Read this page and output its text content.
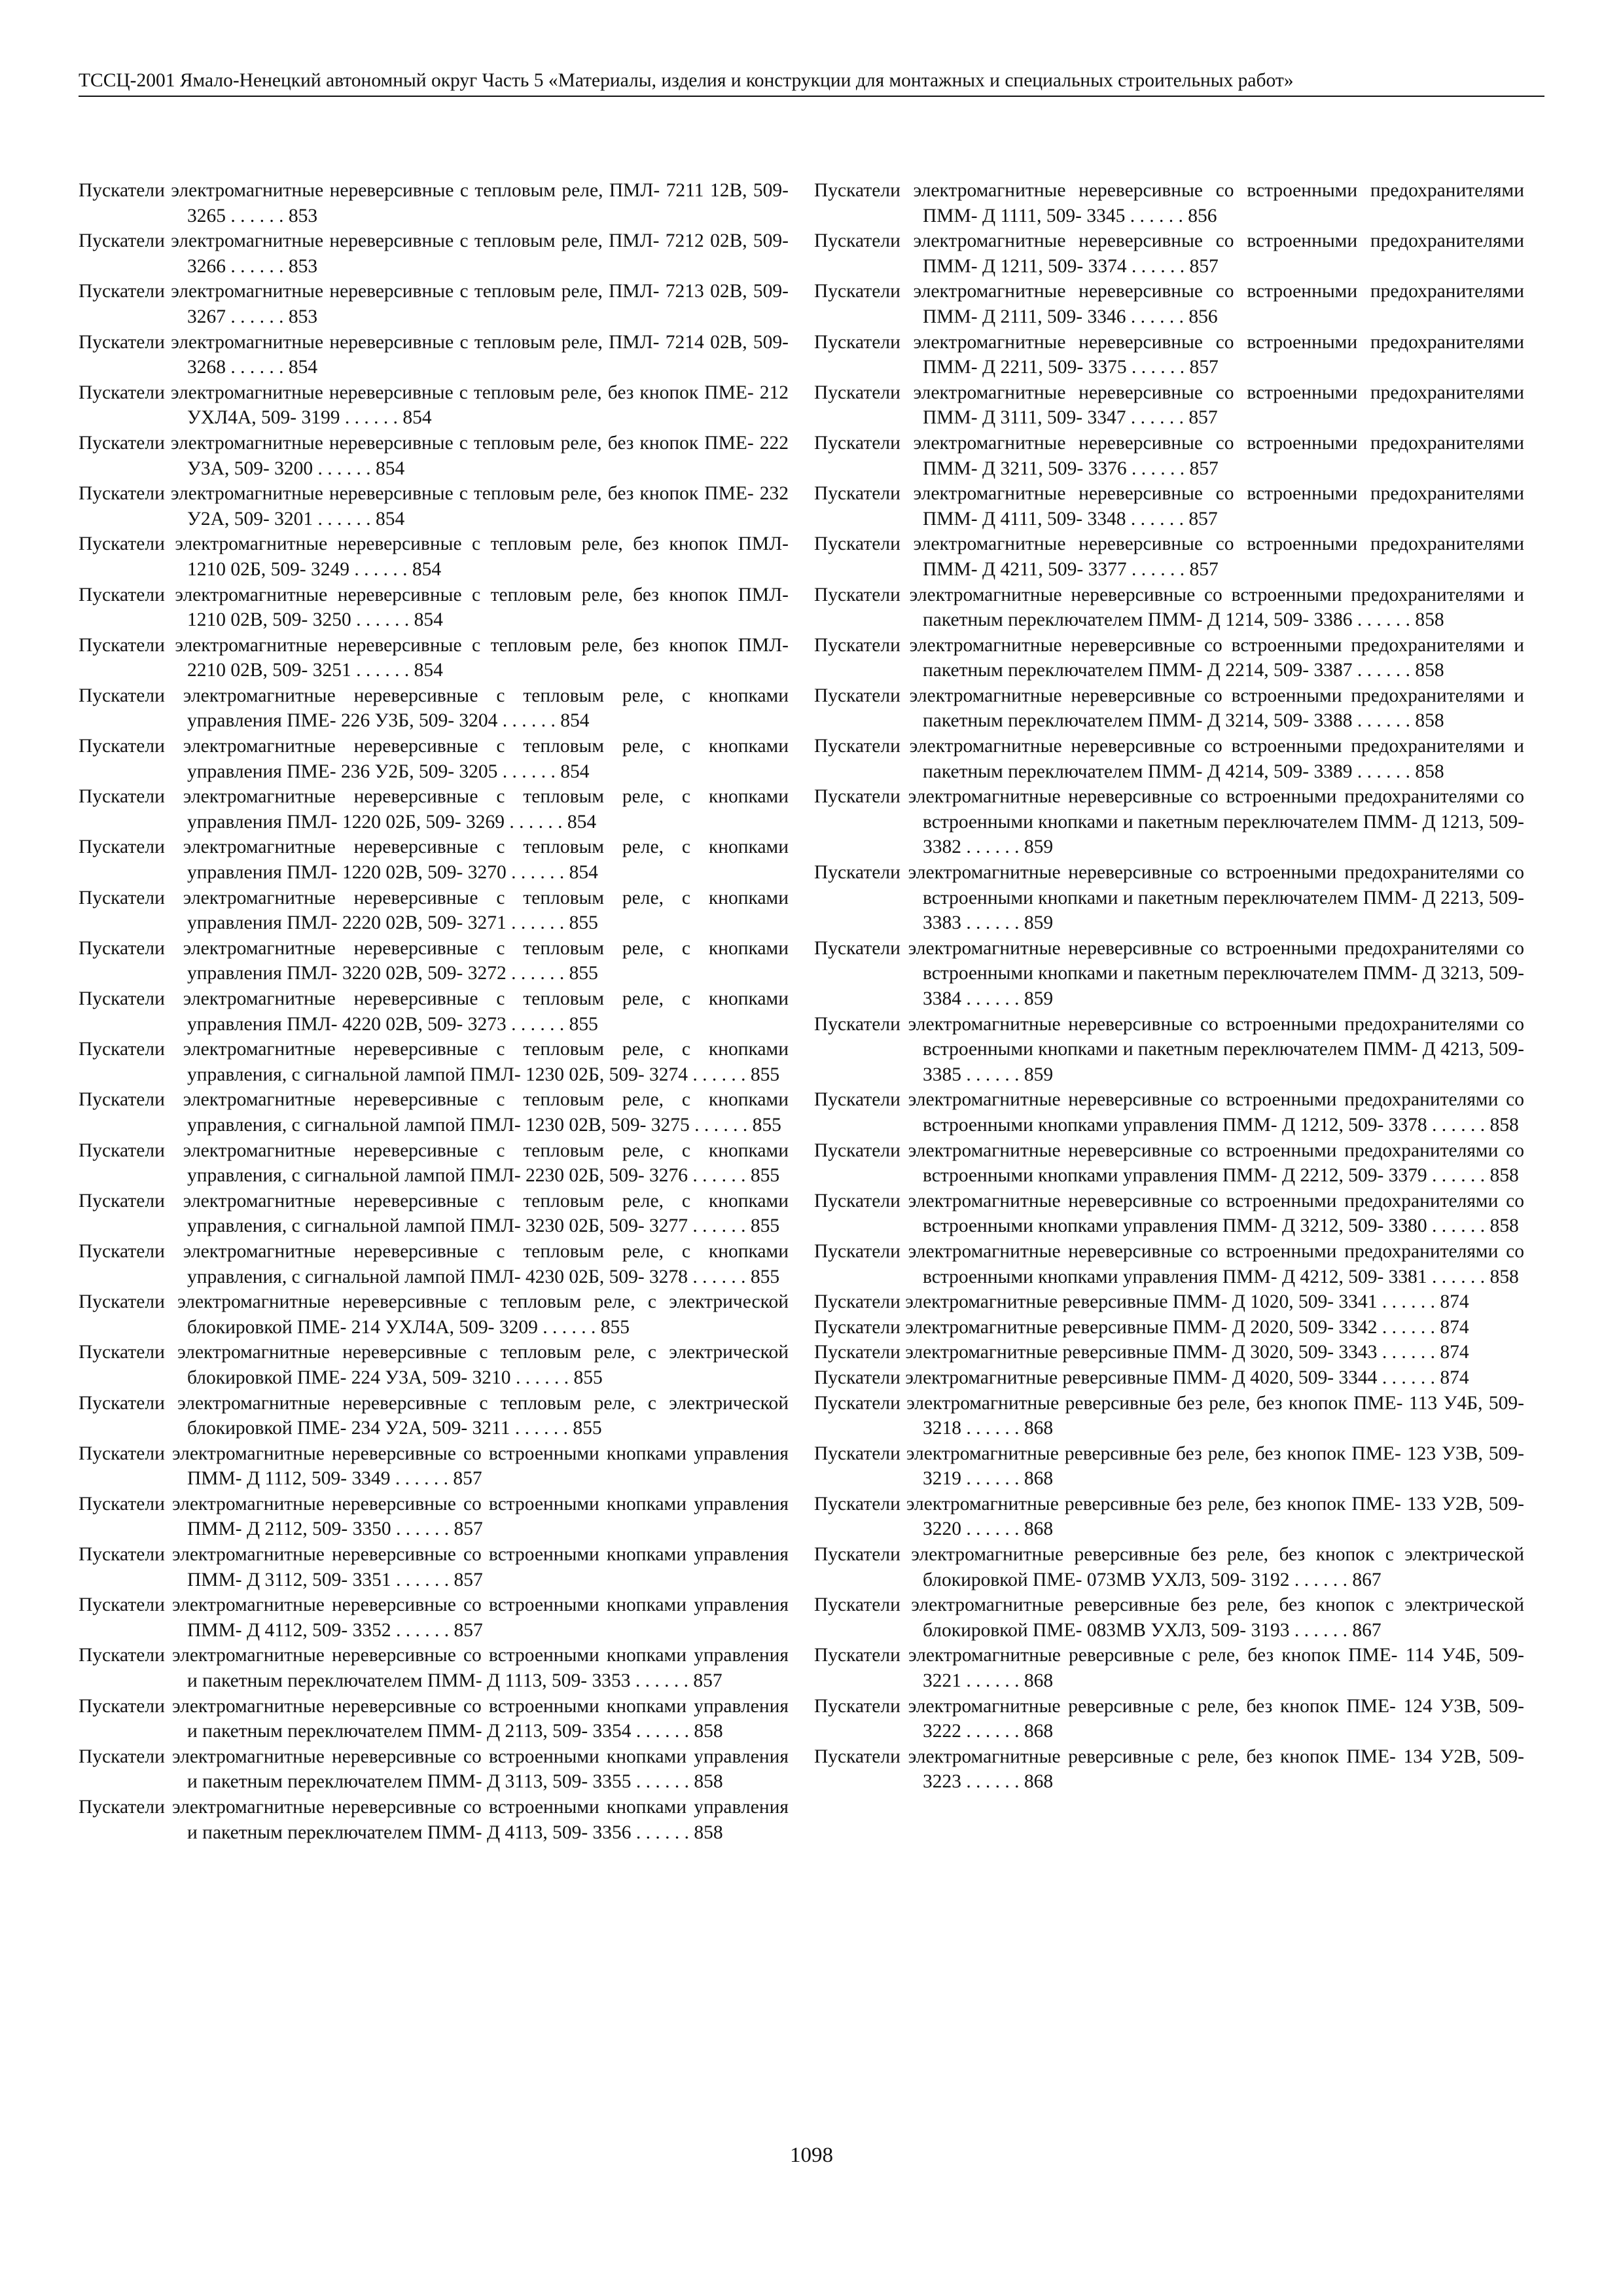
ТССЦ-2001 Ямало-Ненецкий автономный округ Часть 5 «Материалы, изделия и конструкции для монтажных и специальных строительных работ»
Пускатели электромагнитные нереверсивные с тепловым реле, ПМЛ- 7211 12В, 509- 3265 . . . . . . 853
Пускатели электромагнитные нереверсивные с тепловым реле, ПМЛ- 7212 02В, 509- 3266 . . . . . . 853
Пускатели электромагнитные нереверсивные с тепловым реле, ПМЛ- 7213 02В, 509- 3267 . . . . . . 853
Пускатели электромагнитные нереверсивные с тепловым реле, ПМЛ- 7214 02В, 509- 3268 . . . . . . 854
Пускатели электромагнитные нереверсивные с тепловым реле, без кнопок ПМЕ- 212 УХЛ4А, 509- 3199 . . . . . . 854
Пускатели электромагнитные нереверсивные с тепловым реле, без кнопок ПМЕ- 222 У3А, 509- 3200 . . . . . . 854
Пускатели электромагнитные нереверсивные с тепловым реле, без кнопок ПМЕ- 232 У2А, 509- 3201 . . . . . . 854
Пускатели электромагнитные нереверсивные с тепловым реле, без кнопок ПМЛ- 1210 02Б, 509- 3249 . . . . . . 854
Пускатели электромагнитные нереверсивные с тепловым реле, без кнопок ПМЛ- 1210 02В, 509- 3250 . . . . . . 854
Пускатели электромагнитные нереверсивные с тепловым реле, без кнопок ПМЛ- 2210 02В, 509- 3251 . . . . . . 854
Пускатели электромагнитные нереверсивные с тепловым реле, с кнопками управления ПМЕ- 226 У3Б, 509- 3204 . . . . . . 854
Пускатели электромагнитные нереверсивные с тепловым реле, с кнопками управления ПМЕ- 236 У2Б, 509- 3205 . . . . . . 854
Пускатели электромагнитные нереверсивные с тепловым реле, с кнопками управления ПМЛ- 1220 02Б, 509- 3269 . . . . . . 854
Пускатели электромагнитные нереверсивные с тепловым реле, с кнопками управления ПМЛ- 1220 02В, 509- 3270 . . . . . . 854
Пускатели электромагнитные нереверсивные с тепловым реле, с кнопками управления ПМЛ- 2220 02В, 509- 3271 . . . . . . 855
Пускатели электромагнитные нереверсивные с тепловым реле, с кнопками управления ПМЛ- 3220 02В, 509- 3272 . . . . . . 855
Пускатели электромагнитные нереверсивные с тепловым реле, с кнопками управления ПМЛ- 4220 02В, 509- 3273 . . . . . . 855
Пускатели электромагнитные нереверсивные с тепловым реле, с кнопками управления, с сигнальной лампой ПМЛ- 1230 02Б, 509- 3274 . . . . . . 855
Пускатели электромагнитные нереверсивные с тепловым реле, с кнопками управления, с сигнальной лампой ПМЛ- 1230 02В, 509- 3275 . . . . . . 855
Пускатели электромагнитные нереверсивные с тепловым реле, с кнопками управления, с сигнальной лампой ПМЛ- 2230 02Б, 509- 3276 . . . . . . 855
Пускатели электромагнитные нереверсивные с тепловым реле, с кнопками управления, с сигнальной лампой ПМЛ- 3230 02Б, 509- 3277 . . . . . . 855
Пускатели электромагнитные нереверсивные с тепловым реле, с кнопками управления, с сигнальной лампой ПМЛ- 4230 02Б, 509- 3278 . . . . . . 855
Пускатели электромагнитные нереверсивные с тепловым реле, с электрической блокировкой ПМЕ- 214 УХЛ4А, 509- 3209 . . . . . . 855
Пускатели электромагнитные нереверсивные с тепловым реле, с электрической блокировкой ПМЕ- 224 У3А, 509- 3210 . . . . . . 855
Пускатели электромагнитные нереверсивные с тепловым реле, с электрической блокировкой ПМЕ- 234 У2А, 509- 3211 . . . . . . 855
Пускатели электромагнитные нереверсивные со встроенными кнопками управления ПММ- Д 1112, 509- 3349 . . . . . . 857
Пускатели электромагнитные нереверсивные со встроенными кнопками управления ПММ- Д 2112, 509- 3350 . . . . . . 857
Пускатели электромагнитные нереверсивные со встроенными кнопками управления ПММ- Д 3112, 509- 3351 . . . . . . 857
Пускатели электромагнитные нереверсивные со встроенными кнопками управления ПММ- Д 4112, 509- 3352 . . . . . . 857
Пускатели электромагнитные нереверсивные со встроенными кнопками управления и пакетным переключателем ПММ- Д 1113, 509- 3353 . . . . . . 857
Пускатели электромагнитные нереверсивные со встроенными кнопками управления и пакетным переключателем ПММ- Д 2113, 509- 3354 . . . . . . 858
Пускатели электромагнитные нереверсивные со встроенными кнопками управления и пакетным переключателем ПММ- Д 3113, 509- 3355 . . . . . . 858
Пускатели электромагнитные нереверсивные со встроенными кнопками управления и пакетным переключателем ПММ- Д 4113, 509- 3356 . . . . . . 858
Пускатели электромагнитные нереверсивные со встроенными предохранителями ПММ- Д 1111, 509- 3345 . . . . . . 856
Пускатели электромагнитные нереверсивные со встроенными предохранителями ПММ- Д 1211, 509- 3374 . . . . . . 857
Пускатели электромагнитные нереверсивные со встроенными предохранителями ПММ- Д 2111, 509- 3346 . . . . . . 856
Пускатели электромагнитные нереверсивные со встроенными предохранителями ПММ- Д 2211, 509- 3375 . . . . . . 857
Пускатели электромагнитные нереверсивные со встроенными предохранителями ПММ- Д 3111, 509- 3347 . . . . . . 857
Пускатели электромагнитные нереверсивные со встроенными предохранителями ПММ- Д 3211, 509- 3376 . . . . . . 857
Пускатели электромагнитные нереверсивные со встроенными предохранителями ПММ- Д 4111, 509- 3348 . . . . . . 857
Пускатели электромагнитные нереверсивные со встроенными предохранителями ПММ- Д 4211, 509- 3377 . . . . . . 857
Пускатели электромагнитные нереверсивные со встроенными предохранителями и пакетным переключателем ПММ- Д 1214, 509- 3386 . . . . . . 858
Пускатели электромагнитные нереверсивные со встроенными предохранителями и пакетным переключателем ПММ- Д 2214, 509- 3387 . . . . . . 858
Пускатели электромагнитные нереверсивные со встроенными предохранителями и пакетным переключателем ПММ- Д 3214, 509- 3388 . . . . . . 858
Пускатели электромагнитные нереверсивные со встроенными предохранителями и пакетным переключателем ПММ- Д 4214, 509- 3389 . . . . . . 858
Пускатели электромагнитные нереверсивные со встроенными предохранителями со встроенными кнопками и пакетным переключателем ПММ- Д 1213, 509- 3382 . . . . . . 859
Пускатели электромагнитные нереверсивные со встроенными предохранителями со встроенными кнопками и пакетным переключателем ПММ- Д 2213, 509- 3383 . . . . . . 859
Пускатели электромагнитные нереверсивные со встроенными предохранителями со встроенными кнопками и пакетным переключателем ПММ- Д 3213, 509- 3384 . . . . . . 859
Пускатели электромагнитные нереверсивные со встроенными предохранителями со встроенными кнопками и пакетным переключателем ПММ- Д 4213, 509- 3385 . . . . . . 859
Пускатели электромагнитные нереверсивные со встроенными предохранителями со встроенными кнопками управления ПММ- Д 1212, 509- 3378 . . . . . . 858
Пускатели электромагнитные нереверсивные со встроенными предохранителями со встроенными кнопками управления ПММ- Д 2212, 509- 3379 . . . . . . 858
Пускатели электромагнитные нереверсивные со встроенными предохранителями со встроенными кнопками управления ПММ- Д 3212, 509- 3380 . . . . . . 858
Пускатели электромагнитные нереверсивные со встроенными предохранителями со встроенными кнопками управления ПММ- Д 4212, 509- 3381 . . . . . . 858
Пускатели электромагнитные реверсивные ПММ- Д 1020, 509- 3341 . . . . . . 874
Пускатели электромагнитные реверсивные ПММ- Д 2020, 509- 3342 . . . . . . 874
Пускатели электромагнитные реверсивные ПММ- Д 3020, 509- 3343 . . . . . . 874
Пускатели электромагнитные реверсивные ПММ- Д 4020, 509- 3344 . . . . . . 874
Пускатели электромагнитные реверсивные без реле, без кнопок ПМЕ- 113 У4Б, 509- 3218 . . . . . . 868
Пускатели электромагнитные реверсивные без реле, без кнопок ПМЕ- 123 У3В, 509- 3219 . . . . . . 868
Пускатели электромагнитные реверсивные без реле, без кнопок ПМЕ- 133 У2В, 509- 3220 . . . . . . 868
Пускатели электромагнитные реверсивные без реле, без кнопок с электрической блокировкой ПМЕ- 073МВ УХЛ3, 509- 3192 . . . . . . 867
Пускатели электромагнитные реверсивные без реле, без кнопок с электрической блокировкой ПМЕ- 083МВ УХЛ3, 509- 3193 . . . . . . 867
Пускатели электромагнитные реверсивные с реле, без кнопок ПМЕ- 114 У4Б, 509- 3221 . . . . . . 868
Пускатели электромагнитные реверсивные с реле, без кнопок ПМЕ- 124 У3В, 509- 3222 . . . . . . 868
Пускатели электромагнитные реверсивные с реле, без кнопок ПМЕ- 134 У2В, 509- 3223 . . . . . . 868
1098
